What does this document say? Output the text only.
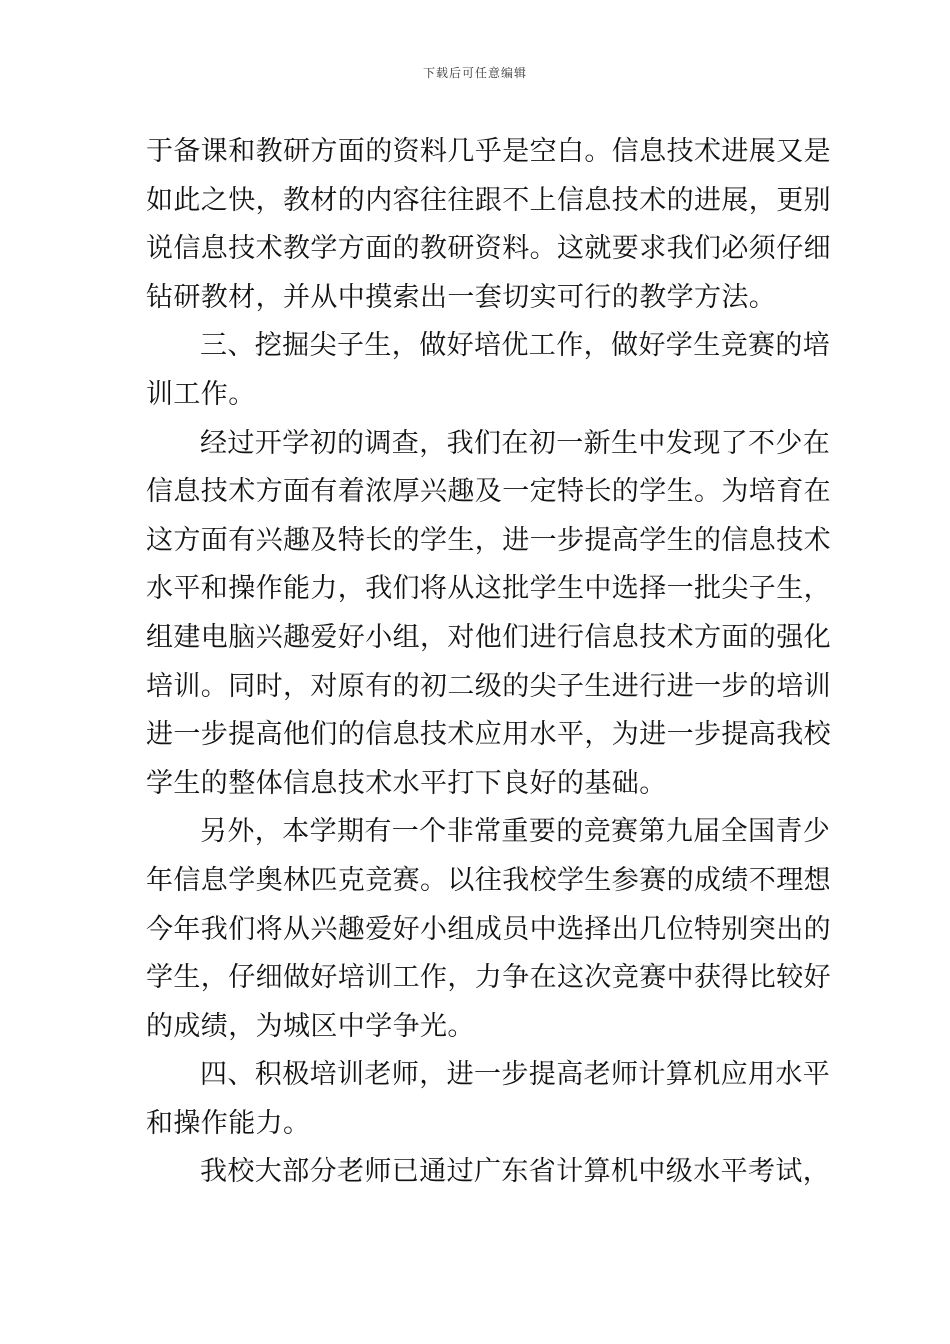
下载后可任意编辑
于备课和教研方面的资料几乎是空白。信息技术进展又是
如此之快，教材的内容往往跟不上信息技术的进展，更别
说信息技术教学方面的教研资料。这就要求我们必须仔细
钻研教材，并从中摸索出一套切实可行的教学方法。
三、挖掘尖子生，做好培优工作，做好学生竞赛的培
训工作。
经过开学初的调查，我们在初一新生中发现了不少在
信息技术方面有着浓厚兴趣及一定特长的学生。为培育在
这方面有兴趣及特长的学生，进一步提高学生的信息技术
水平和操作能力，我们将从这批学生中选择一批尖子生，
组建电脑兴趣爱好小组，对他们进行信息技术方面的强化
培训。同时，对原有的初二级的尖子生进行进一步的培训
进一步提高他们的信息技术应用水平，为进一步提高我校
学生的整体信息技术水平打下良好的基础。
另外，本学期有一个非常重要的竞赛第九届全国青少
年信息学奥林匹克竞赛。以往我校学生参赛的成绩不理想
今年我们将从兴趣爱好小组成员中选择出几位特别突出的
学生，仔细做好培训工作，力争在这次竞赛中获得比较好
的成绩，为城区中学争光。
四、积极培训老师，进一步提高老师计算机应用水平
和操作能力。
我校大部分老师已通过广东省计算机中级水平考试，
